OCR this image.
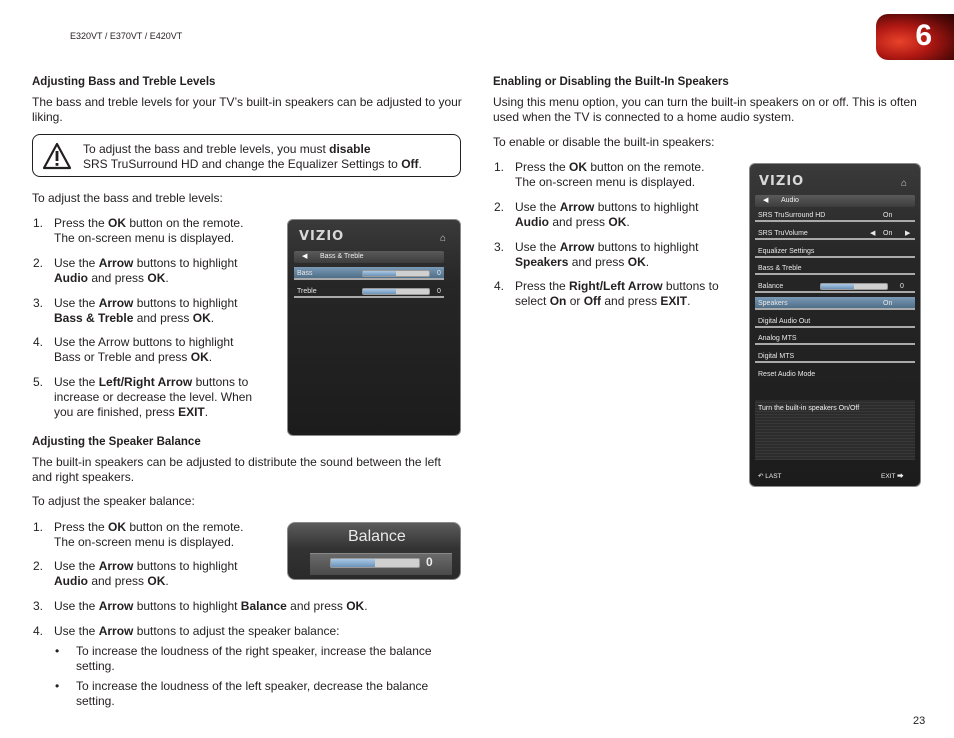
E320VT / E370VT / E420VT	6
Adjusting Bass and Treble Levels

The bass and treble levels for your TV’s built-in speakers can be adjusted to your liking.

To adjust the bass and treble levels, you must disable
SRS TruSurround HD and change the Equalizer Settings to Off.

To adjust the bass and treble levels:

1. Press the OK button on the remote.
The on-screen menu is displayed.
2. Use the Arrow buttons to highlight
Audio and press OK.
3. Use the Arrow buttons to highlight
Bass & Treble and press OK.
4. Use the Arrow buttons to highlight
Bass or Treble and press OK.
5. Use the Left/Right Arrow buttons to
increase or decrease the level. When
you are finished, press EXIT.
VIZIO	⌂
◀ Bass & Treble
Bass	0
Treble	0
Adjusting the Speaker Balance

The built-in speakers can be adjusted to distribute the sound between the left and right speakers.

To adjust the speaker balance:

1. Press the OK button on the remote.
The on-screen menu is displayed.
2. Use the Arrow buttons to highlight
Audio and press OK.
3. Use the Arrow buttons to highlight Balance and press OK.
4. Use the Arrow buttons to adjust the speaker balance:
• To increase the loudness of the right speaker, increase the balance
setting.
• To increase the loudness of the left speaker, decrease the balance
setting.
Balance
0
Enabling or Disabling the Built-In Speakers

Using this menu option, you can turn the built-in speakers on or off. This is often used when the TV is connected to a home audio system.

To enable or disable the built-in speakers:

1. Press the OK button on the remote.
The on-screen menu is displayed.
2. Use the Arrow buttons to highlight
Audio and press OK.
3. Use the Arrow buttons to highlight
Speakers and press OK.
4. Press the Right/Left Arrow buttons to
select On or Off and press EXIT.
VIZIO	⌂
◀ Audio
SRS TruSurround HD	On
SRS TruVolume	◀ On ▶
Equalizer Settings
Bass & Treble
Balance	0
Speakers	On
Digital Audio Out
Analog MTS
Digital MTS
Reset Audio Mode
Turn the built-in speakers On/Off
↶ LAST	EXIT ⮕
23
